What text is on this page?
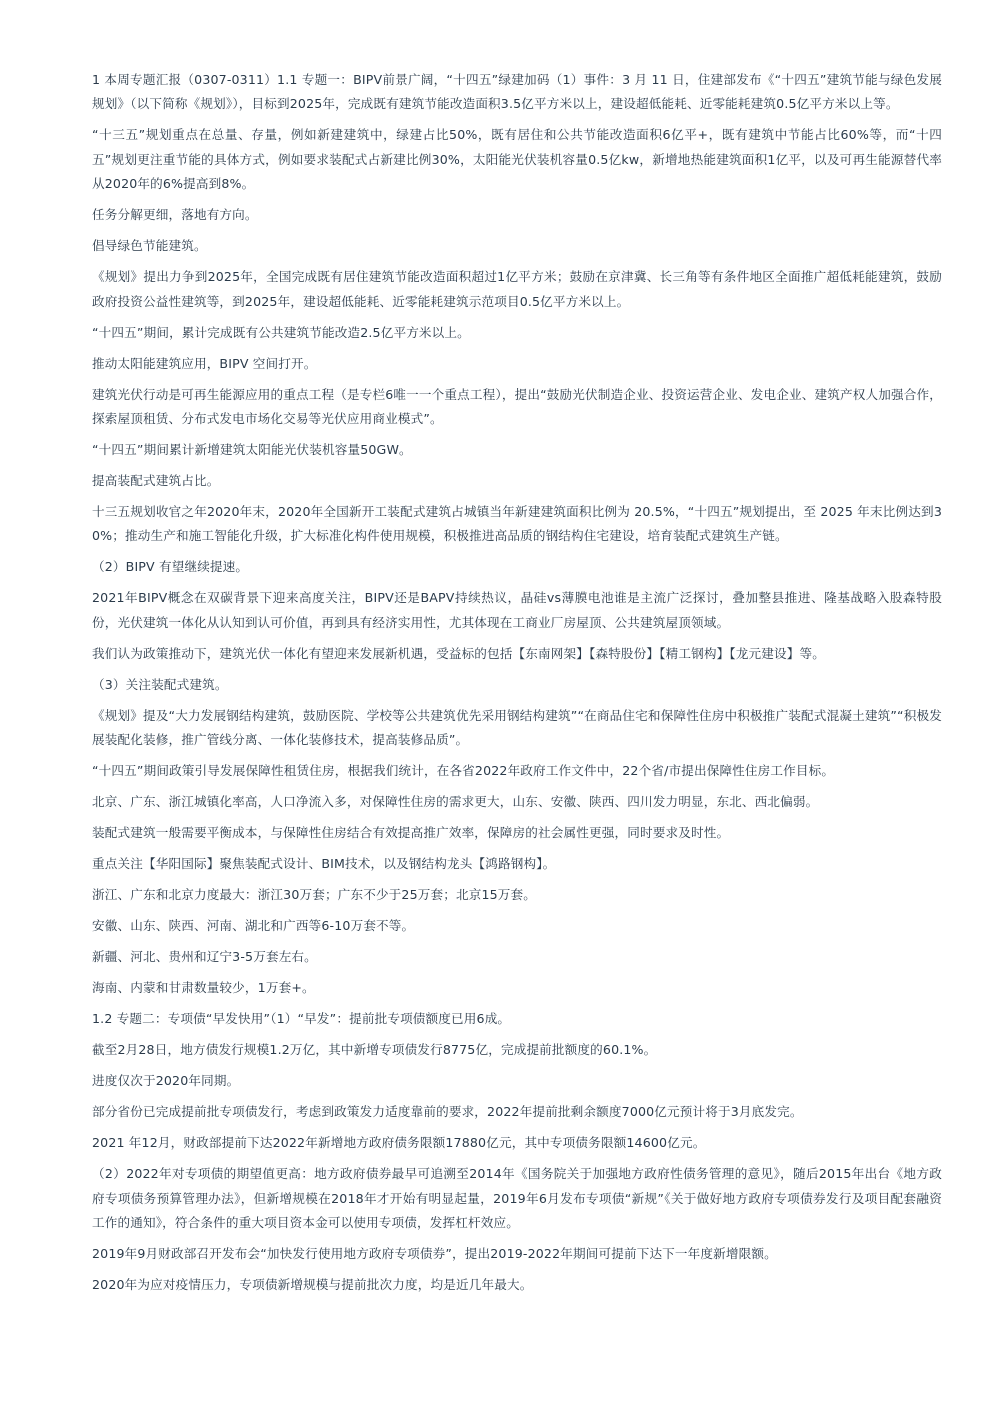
1 本周专题汇报（0307-0311）1.1 专题一：BIPV前景广阔，“十四五”绿建加码（1）事件：3 月 11 日，住建部发布《“十四五”建筑节能与绿色发展规划》（以下简称《规划》），目标到2025年，完成既有建筑节能改造面积3.5亿平方米以上，建设超低能耗、近零能耗建筑0.5亿平方米以上等。

“十三五”规划重点在总量、存量，例如新建建筑中，绿建占比50%，既有居住和公共节能改造面积6亿平+，既有建筑中节能占比60%等，而“十四五”规划更注重节能的具体方式，例如要求装配式占新建比例30%，太阳能光伏装机容量0.5亿kw，新增地热能建筑面积1亿平，以及可再生能源替代率从2020年的6%提高到8%。

任务分解更细，落地有方向。

倡导绿色节能建筑。

《规划》提出力争到2025年，全国完成既有居住建筑节能改造面积超过1亿平方米；鼓励在京津冀、长三角等有条件地区全面推广超低耗能建筑，鼓励政府投资公益性建筑等，到2025年，建设超低能耗、近零能耗建筑示范项目0.5亿平方米以上。

“十四五”期间，累计完成既有公共建筑节能改造2.5亿平方米以上。

推动太阳能建筑应用，BIPV 空间打开。

建筑光伏行动是可再生能源应用的重点工程（是专栏6唯一一个重点工程），提出“鼓励光伏制造企业、投资运营企业、发电企业、建筑产权人加强合作，探索屋顶租赁、分布式发电市场化交易等光伏应用商业模式”。

“十四五”期间累计新增建筑太阳能光伏装机容量50GW。

提高装配式建筑占比。

十三五规划收官之年2020年末，2020年全国新开工装配式建筑占城镇当年新建建筑面积比例为 20.5%，“十四五”规划提出，至 2025 年末比例达到30%；推动生产和施工智能化升级，扩大标准化构件使用规模，积极推进高品质的钢结构住宅建设，培育装配式建筑生产链。

（2）BIPV 有望继续提速。

2021年BIPV概念在双碳背景下迎来高度关注，BIPV还是BAPV持续热议，晶硅vs薄膜电池谁是主流广泛探讨，叠加整县推进、隆基战略入股森特股份，光伏建筑一体化从认知到认可价值，再到具有经济实用性，尤其体现在工商业厂房屋顶、公共建筑屋顶领域。

我们认为政策推动下，建筑光伏一体化有望迎来发展新机遇，受益标的包括【东南网架】【森特股份】【精工钢构】【龙元建设】等。

（3）关注装配式建筑。

《规划》提及“大力发展钢结构建筑，鼓励医院、学校等公共建筑优先采用钢结构建筑”“在商品住宅和保障性住房中积极推广装配式混凝土建筑”“积极发展装配化装修，推广管线分离、一体化装修技术，提高装修品质”。

“十四五”期间政策引导发展保障性租赁住房，根据我们统计，在各省2022年政府工作文件中，22个省/市提出保障性住房工作目标。

北京、广东、浙江城镇化率高，人口净流入多，对保障性住房的需求更大，山东、安徽、陕西、四川发力明显，东北、西北偏弱。

装配式建筑一般需要平衡成本，与保障性住房结合有效提高推广效率，保障房的社会属性更强，同时要求及时性。

重点关注【华阳国际】聚焦装配式设计、BIM技术，以及钢结构龙头【鸿路钢构】。

浙江、广东和北京力度最大：浙江30万套；广东不少于25万套；北京15万套。

安徽、山东、陕西、河南、湖北和广西等6-10万套不等。

新疆、河北、贵州和辽宁3-5万套左右。

海南、内蒙和甘肃数量较少，1万套+。

1.2 专题二：专项债“早发快用”（1）“早发”：提前批专项债额度已用6成。

截至2月28日，地方债发行规模1.2万亿，其中新增专项债发行8775亿，完成提前批额度的60.1%。

进度仅次于2020年同期。

部分省份已完成提前批专项债发行，考虑到政策发力适度靠前的要求，2022年提前批剩余额度7000亿元预计将于3月底发完。

2021 年12月，财政部提前下达2022年新增地方政府债务限额17880亿元，其中专项债务限额14600亿元。

（2）2022年对专项债的期望值更高：地方政府债券最早可追溯至2014年《国务院关于加强地方政府性债务管理的意见》，随后2015年出台《地方政府专项债务预算管理办法》，但新增规模在2018年才开始有明显起量，2019年6月发布专项债“新规”《关于做好地方政府专项债券发行及项目配套融资工作的通知》，符合条件的重大项目资本金可以使用专项债，发挥杠杆效应。

2019年9月财政部召开发布会“加快发行使用地方政府专项债券”，提出2019-2022年期间可提前下达下一年度新增限额。

2020年为应对疫情压力，专项债新增规模与提前批次力度，均是近几年最大。
